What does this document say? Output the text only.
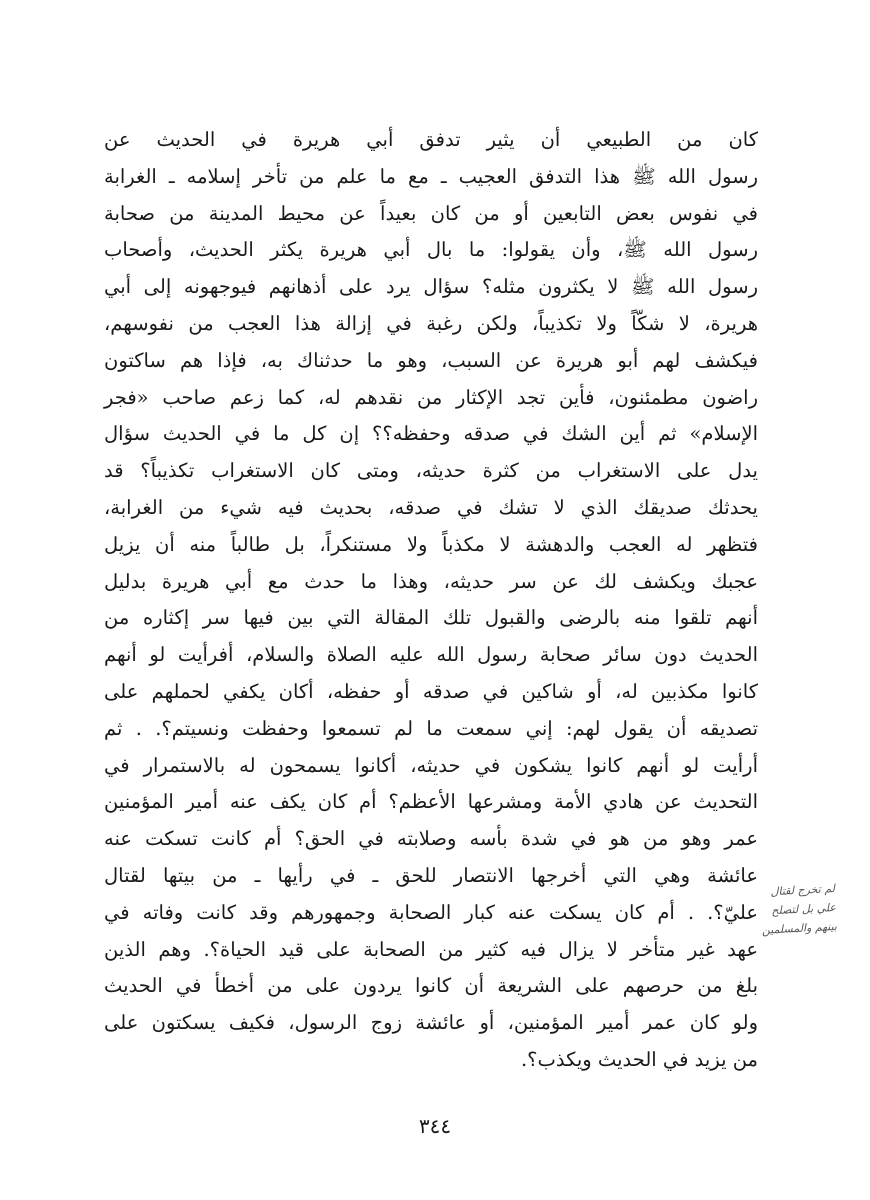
كان من الطبيعي أن يثير تدفق أبي هريرة في الحديث عن
رسول الله ﷺ هذا التدفق العجيب ـ مع ما علم من تأخر إسلامه ـ الغرابة
في نفوس بعض التابعين أو من كان بعيداً عن محيط المدينة من صحابة
رسول الله ﷺ، وأن يقولوا: ما بال أبي هريرة يكثر الحديث، وأصحاب
رسول الله ﷺ لا يكثرون مثله؟ سؤال يرد على أذهانهم فيوجهونه إلى أبي
هريرة، لا شكّاً ولا تكذيباً، ولكن رغبة في إزالة هذا العجب من نفوسهم،
فيكشف لهم أبو هريرة عن السبب، وهو ما حدثناك به، فإذا هم ساكتون
راضون مطمئنون، فأين تجد الإكثار من نقدهم له، كما زعم صاحب «فجر
الإسلام» ثم أين الشك في صدقه وحفظه؟؟ إن كل ما في الحديث سؤال
يدل على الاستغراب من كثرة حديثه، ومتى كان الاستغراب تكذيباً؟ قد
يحدثك صديقك الذي لا تشك في صدقه، بحديث فيه شيء من الغرابة،
فتظهر له العجب والدهشة لا مكذباً ولا مستنكراً، بل طالباً منه أن يزيل
عجبك ويكشف لك عن سر حديثه، وهذا ما حدث مع أبي هريرة بدليل
أنهم تلقوا منه بالرضى والقبول تلك المقالة التي بين فيها سر إكثاره من
الحديث دون سائر صحابة رسول الله عليه الصلاة والسلام، أفرأيت لو أنهم
كانوا مكذبين له، أو شاكين في صدقه أو حفظه، أكان يكفي لحملهم على
تصديقه أن يقول لهم: إني سمعت ما لم تسمعوا وحفظت ونسيتم؟. . ثم
أرأيت لو أنهم كانوا يشكون في حديثه، أكانوا يسمحون له بالاستمرار في
التحديث عن هادي الأمة ومشرعها الأعظم؟ أم كان يكف عنه أمير المؤمنين
عمر وهو من هو في شدة بأسه وصلابته في الحق؟ أم كانت تسكت عنه
عائشة وهي التي أخرجها الانتصار للحق ـ في رأيها ـ من بيتها لقتال
عليّ؟. . أم كان يسكت عنه كبار الصحابة وجمهورهم وقد كانت وفاته في
عهد غير متأخر لا يزال فيه كثير من الصحابة على قيد الحياة؟. وهم الذين
بلغ من حرصهم على الشريعة أن كانوا يردون على من أخطأ في الحديث
ولو كان عمر أمير المؤمنين، أو عائشة زوج الرسول، فكيف يسكتون على
من يزيد في الحديث ويكذب؟.
لم تخرج لقتال
علي بل لتصلح
بينهم والمسلمين
٣٤٤
